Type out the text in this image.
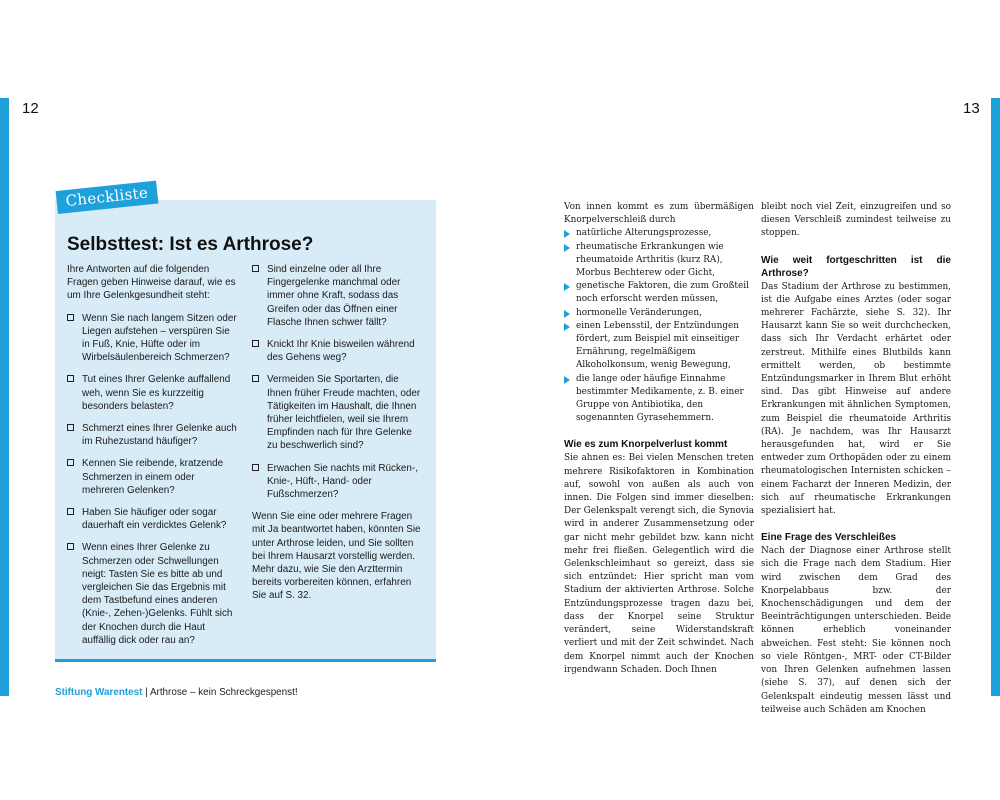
12	13
Checkliste
Selbsttest: Ist es Arthrose?

Ihre Antworten auf die folgenden Fragen geben Hinweise darauf, wie es um Ihre Gelenkgesundheit steht:

Wenn Sie nach langem Sitzen oder Liegen aufstehen – verspüren Sie in Fuß, Knie, Hüfte oder im Wirbelsäulenbereich Schmerzen?
Tut eines Ihrer Gelenke auffallend weh, wenn Sie es kurzzeitig besonders belasten?
Schmerzt eines Ihrer Gelenke auch im Ruhezustand häufiger?
Kennen Sie reibende, kratzende Schmerzen in einem oder mehreren Gelenken?
Haben Sie häufiger oder sogar dauerhaft ein verdicktes Gelenk?
Wenn eines Ihrer Gelenke zu Schmerzen oder Schwellungen neigt: Tasten Sie es bitte ab und vergleichen Sie das Ergebnis mit dem Tastbefund eines anderen (Knie-, Zehen-)Gelenks. Fühlt sich der Knochen durch die Haut auffällig dick oder rau an?
Sind einzelne oder all Ihre Fingergelenke manchmal oder immer ohne Kraft, sodass das Greifen oder das Öffnen einer Flasche Ihnen schwer fällt?
Knickt Ihr Knie bisweilen während des Gehens weg?
Vermeiden Sie Sportarten, die Ihnen früher Freude machten, oder Tätigkeiten im Haushalt, die Ihnen früher leichtfielen, weil sie Ihrem Empfinden nach für Ihre Gelenke zu beschwerlich sind?
Erwachen Sie nachts mit Rücken-, Knie-, Hüft-, Hand- oder Fußschmerzen?

Wenn Sie eine oder mehrere Fragen mit Ja beantwortet haben, könnten Sie unter Arthrose leiden, und Sie sollten bei Ihrem Hausarzt vorstellig werden. Mehr dazu, wie Sie den Arzttermin bereits vorbereiten können, erfahren Sie auf S. 32.

Stiftung Warentest | Arthrose – kein Schreckgespenst!

Von innen kommt es zum übermäßigen Knorpelverschleiß durch

natürliche Alterungsprozesse,
rheumatische Erkrankungen wie rheumatoide Arthritis (kurz RA), Morbus Bechterew oder Gicht,
genetische Faktoren, die zum Großteil noch erforscht werden müssen,
hormonelle Veränderungen,
einen Lebensstil, der Entzündungen fördert, zum Beispiel mit einseitiger Ernährung, regelmäßigem Alkoholkonsum, wenig Bewegung,
die lange oder häufige Einnahme bestimmter Medikamente, z. B. einer Gruppe von Antibiotika, den sogenannten Gyrasehemmern.
Wie es zum Knorpelverlust kommt

Sie ahnen es: Bei vielen Menschen treten mehrere Risikofaktoren in Kombination auf, sowohl von außen als auch von innen. Die Folgen sind immer dieselben: Der Gelenkspalt verengt sich, die Synovia wird in anderer Zusammensetzung oder gar nicht mehr gebildet bzw. kann nicht mehr frei fließen. Gelegentlich wird die Gelenkschleimhaut so gereizt, dass sie sich entzündet: Hier spricht man vom Stadium der aktivierten Arthrose. Solche Entzündungsprozesse tragen dazu bei, dass der Knorpel seine Struktur verändert, seine Widerstandskraft verliert und mit der Zeit schwindet. Nach dem Knorpel nimmt auch der Knochen irgendwann Schaden. Doch Ihnen

bleibt noch viel Zeit, einzugreifen und so diesen Verschleiß zumindest teilweise zu stoppen.

Wie weit fortgeschritten ist die Arthrose?

Das Stadium der Arthrose zu bestimmen, ist die Aufgabe eines Arztes (oder sogar mehrerer Fachärzte, siehe S. 32). Ihr Hausarzt kann Sie so weit durchchecken, dass sich Ihr Verdacht erhärtet oder zerstreut. Mithilfe eines Blutbilds kann ermittelt werden, ob bestimmte Entzündungsmarker in Ihrem Blut erhöht sind. Das gibt Hinweise auf andere Erkrankungen mit ähnlichen Symptomen, zum Beispiel die rheumatoide Arthritis (RA). Je nachdem, was Ihr Hausarzt herausgefunden hat, wird er Sie entweder zum Orthopäden oder zu einem rheumatologischen Internisten schicken – einem Facharzt der Inneren Medizin, der sich auf rheumatische Erkrankungen spezialisiert hat.

Eine Frage des Verschleißes

Nach der Diagnose einer Arthrose stellt sich die Frage nach dem Stadium. Hier wird zwischen dem Grad des Knorpelabbaus bzw. der Knochenschädigungen und dem der Beeinträchtigungen unterschieden. Beide können erheblich voneinander abweichen. Fest steht: Sie können noch so viele Röntgen-, MRT- oder CT-Bilder von Ihren Gelenken aufnehmen lassen (siehe S. 37), auf denen sich der Gelenkspalt eindeutig messen lässt und teilweise auch Schäden am Knochen
